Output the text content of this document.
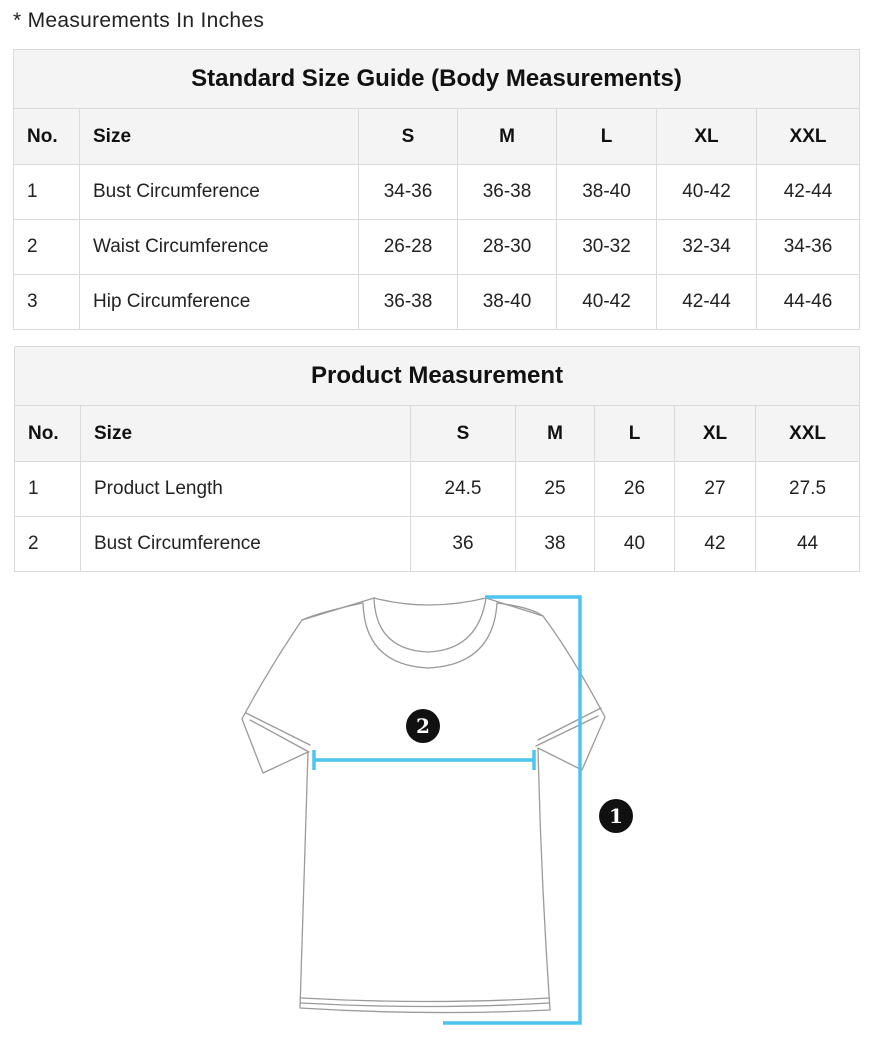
* Measurements In Inches
Standard Size Guide (Body Measurements)						
No.	Size	S	M	L	XL	XXL
1	Bust Circumference	34-36	36-38	38-40	40-42	42-44
2	Waist Circumference	26-28	28-30	30-32	32-34	34-36
3	Hip Circumference	36-38	38-40	40-42	42-44	44-46
Product Measurement						
No.	Size	S	M	L	XL	XXL
1	Product Length	24.5	25	26	27	27.5
2	Bust Circumference	36	38	40	42	44
2
1
